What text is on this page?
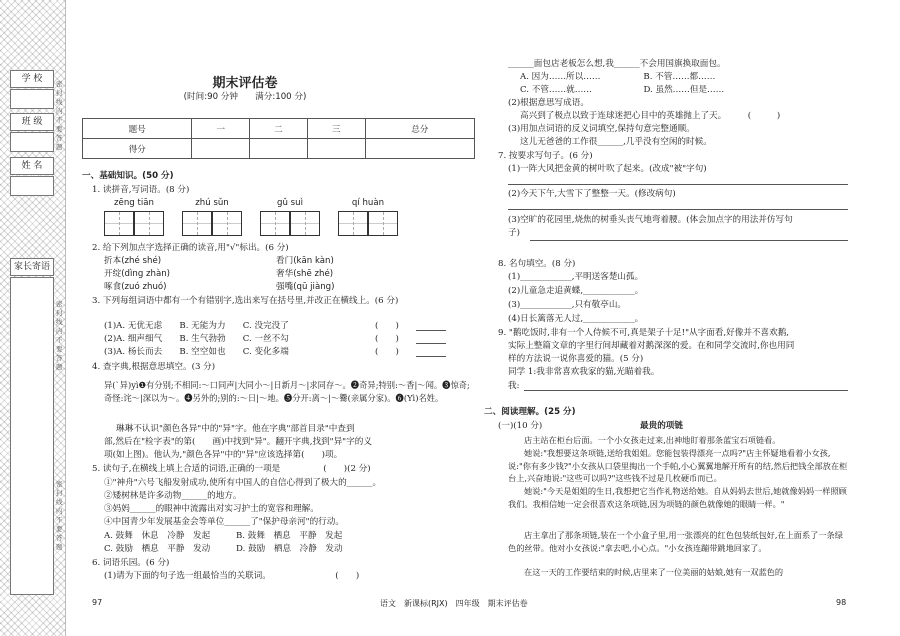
学 校
班 级
姓 名
家长寄语
密封线内不要答题
密封线内不要答题
密封线内不要答题
期末评估卷
(时间:90 分钟　　满分:100 分)
题号	一	二	三	总分
得分				
一、基础知识。(50 分)
1. 读拼音,写词语。(8 分)
zēng tiān	zhú sǔn	gǔ suì	qí huàn
2. 给下列加点字选择正确的读音,用"√"标出。(6 分)
折本(zhé shé)	看门(kān kàn)
开绽(dìng zhàn)	奢华(shē zhé)
啄食(zuó zhuó)	强嘴(qū jiàng)
3. 下列每组词语中都有一个有错别字,选出来写在括号里,并改正在横线上。(6 分)
(1)A. 无优无虑　　B. 无能为力　　C. 没完没了
(2)A. 细声细气　　B. 生气勃勃　　C. 一丝不勾
(3)A. 杨长而去　　B. 空空如也　　C. 变化多端
(　　)
(　　)
(　　)
4. 查字典,根据意思填空。(3 分)
异(`异)yì❶有分别;不相同:～口同声|大同小～|日新月～|求同存～。❷奇异;特别:～香|～闻。❸惊奇;奇怪:诧～|深以为～。❹另外的;别的:～日|～地。❺分开:离～|～爨(亲属分家)。❻(Yì)名姓。
琳琳不认识"颜色各异"中的"异"字。他在字典"部首目录"中查到
部,然后在"检字表"的第(　　画)中找到"异"。翻开字典,找到"异"字的义
项(如上图)。他认为,"颜色各异"中的"异"应该选择第(　　)项。
5. 读句子,在横线上填上合适的词语,正确的一项是　　　　　(　　)(2 分)
①"神舟"六号飞船发射成功,使所有中国人的自信心得到了极大的______。
②矮树林是许多动物______的地方。
③妈妈______的眼神中流露出对实习护士的宽容和理解。
④中国青少年发展基金会等单位______了"保护母亲河"的行动。
A. 鼓舞　休息　冷静　发起　　　B. 鼓舞　栖息　平静　发起
C. 鼓励　栖息　平静　发动　　　D. 鼓励　栖息　冷静　发动
6. 词语乐园。(6 分)
(1)请为下面的句子选一组最恰当的关联词。　　　　　　　　(　　)
______面包店老板怎么想,我______不会用国旗换取面包。
A. 因为……所以……　　　　　B. 不管……都……
C. 不管……就……　　　　　　D. 虽然……但是……
(2)根据意思写成语。
高兴到了极点以致于连球迷把心目中的英雄抛上了天。　　　(　　　)
(3)用加点词语的反义词填空,保持句意完整通顺。
这儿无爸爸的工作很______,几乎没有空闲的时候。
7. 按要求写句子。(6 分)
(1)一阵大风把金黄的树叶吹了起来。(改成"被"字句)
(2)今天下午,大雪下了整整一天。(修改病句)
(3)空旷的花园里,烧焦的树垂头丧气地弯着腰。(体会加点字的用法并仿写句
子)
8. 名句填空。(8 分)
(1)____________,平明送客楚山孤。
(2)儿童急走追黄蝶,____________。
(3)____________,只有敬亭山。
(4)日长篱落无人过,____________。
9. "鹅吃饭时,非有一个人侍候不可,真是架子十足!"从字面看,好像并不喜欢鹅,
实际上整篇文章的字里行间却藏着对鹅深深的爱。在和同学交流时,你也用同
样的方法说一说你喜爱的猫。(5 分)
同学 1:我非常喜欢我家的猫,光瞄着我。
我:
二、阅读理解。(25 分)
(一)(10 分)	最贵的项链
店主站在柜台后面。一个小女孩走过来,出神地盯着那条蓝宝石项链看。
她说:"我想要这条项链,送给我姐姐。您能包装得漂亮一点吗?"店主怀疑地看着小女孩,说:"你有多少钱?"小女孩从口袋里掏出一个手帕,小心翼翼地解开所有的结,然后把钱全部放在柜台上,兴奋地说:"这些可以吗?"这些钱不过是几枚硬币而已。
她说:"今天是姐姐的生日,我想把它当作礼物送给她。自从妈妈去世后,她就像妈妈一样照顾我们。我相信她一定会很喜欢这条项链,因为项链的颜色就像她的眼睛一样。"
店主拿出了那条项链,装在一个小盒子里,用一张漂亮的红色包装纸包好,在上面系了一条绿色的丝带。他对小女孩说:"拿去吧,小心点。"小女孩连蹦带跳地回家了。
在这一天的工作要结束的时候,店里来了一位美丽的姑娘,她有一双蓝色的
97	语文　新课标(RJX)　四年级　期末评估卷	98
